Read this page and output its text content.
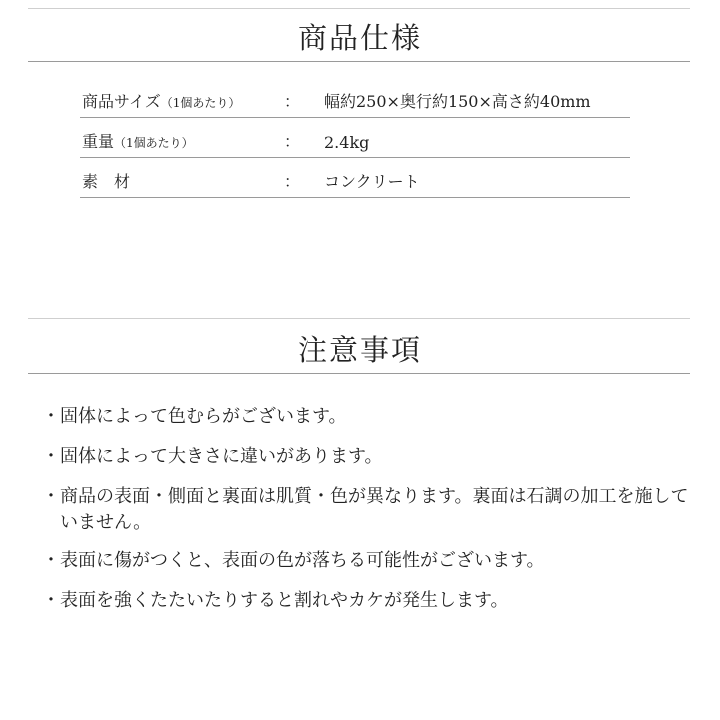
商品仕様
商品サイズ（1個あたり）	： 幅約250×奥行約150×高さ約40mm
重量（1個あたり）	： 2.4kg
素　材	： コンクリート
注意事項
・ 固体によって色むらがございます。
・ 固体によって大きさに違いがあります。
・ 商品の表面・側面と裏面は肌質・色が異なります。裏面は石調の加工を施していません。
・ 表面に傷がつくと、表面の色が落ちる可能性がございます。
・ 表面を強くたたいたりすると割れやカケが発生します。
